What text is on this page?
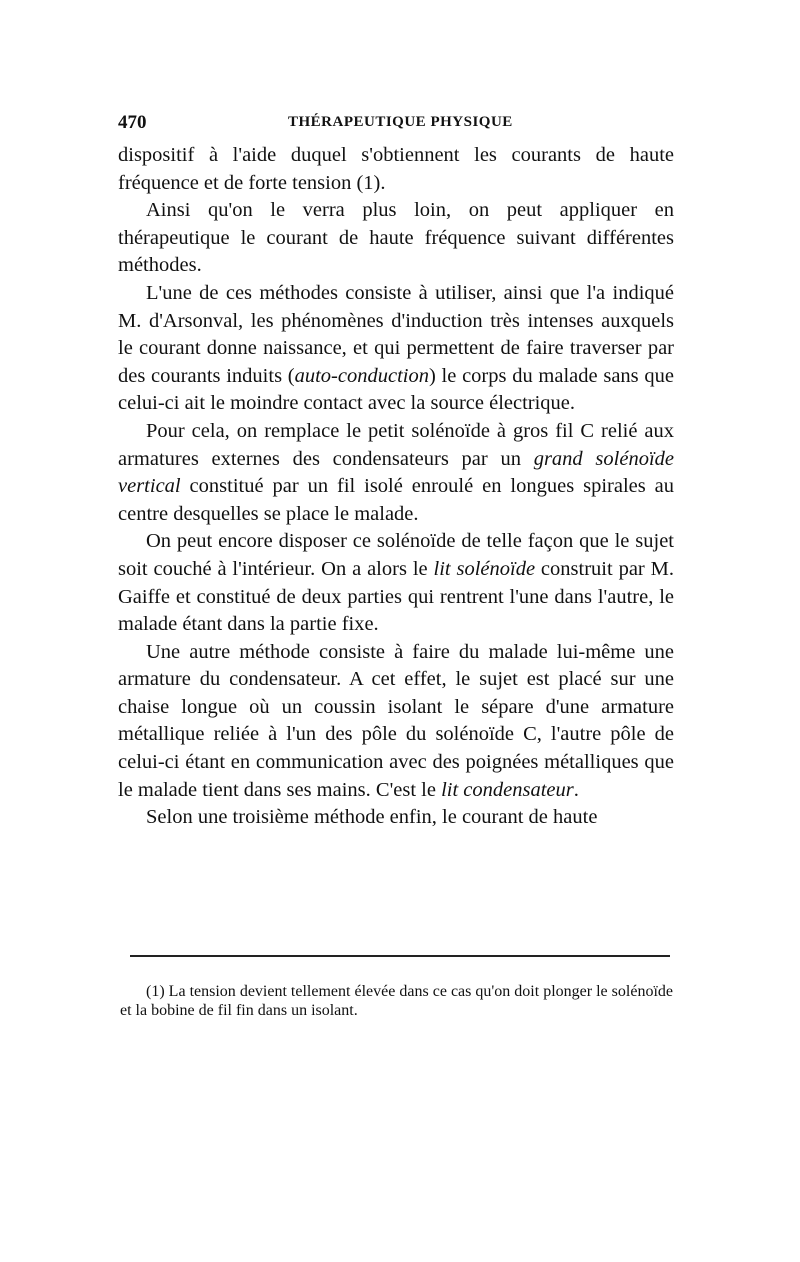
470	THÉRAPEUTIQUE PHYSIQUE

dispositif à l'aide duquel s'obtiennent les courants de haute fréquence et de forte tension (1).

Ainsi qu'on le verra plus loin, on peut appliquer en thérapeutique le courant de haute fréquence suivant différentes méthodes.

L'une de ces méthodes consiste à utiliser, ainsi que l'a indiqué M. d'Arsonval, les phénomènes d'induction très intenses auxquels le courant donne naissance, et qui permettent de faire traverser par des courants induits (auto-conduction) le corps du malade sans que celui-ci ait le moindre contact avec la source électrique.

Pour cela, on remplace le petit solénoïde à gros fil C relié aux armatures externes des condensateurs par un grand solénoïde vertical constitué par un fil isolé enroulé en longues spirales au centre desquelles se place le malade.

On peut encore disposer ce solénoïde de telle façon que le sujet soit couché à l'intérieur. On a alors le lit solénoïde construit par M. Gaiffe et constitué de deux parties qui rentrent l'une dans l'autre, le malade étant dans la partie fixe.

Une autre méthode consiste à faire du malade lui-même une armature du condensateur. A cet effet, le sujet est placé sur une chaise longue où un coussin isolant le sépare d'une armature métallique reliée à l'un des pôle du solénoïde C, l'autre pôle de celui-ci étant en communication avec des poignées métalliques que le malade tient dans ses mains. C'est le lit condensateur.

Selon une troisième méthode enfin, le courant de haute

(1) La tension devient tellement élevée dans ce cas qu'on doit plonger le solénoïde et la bobine de fil fin dans un isolant.
